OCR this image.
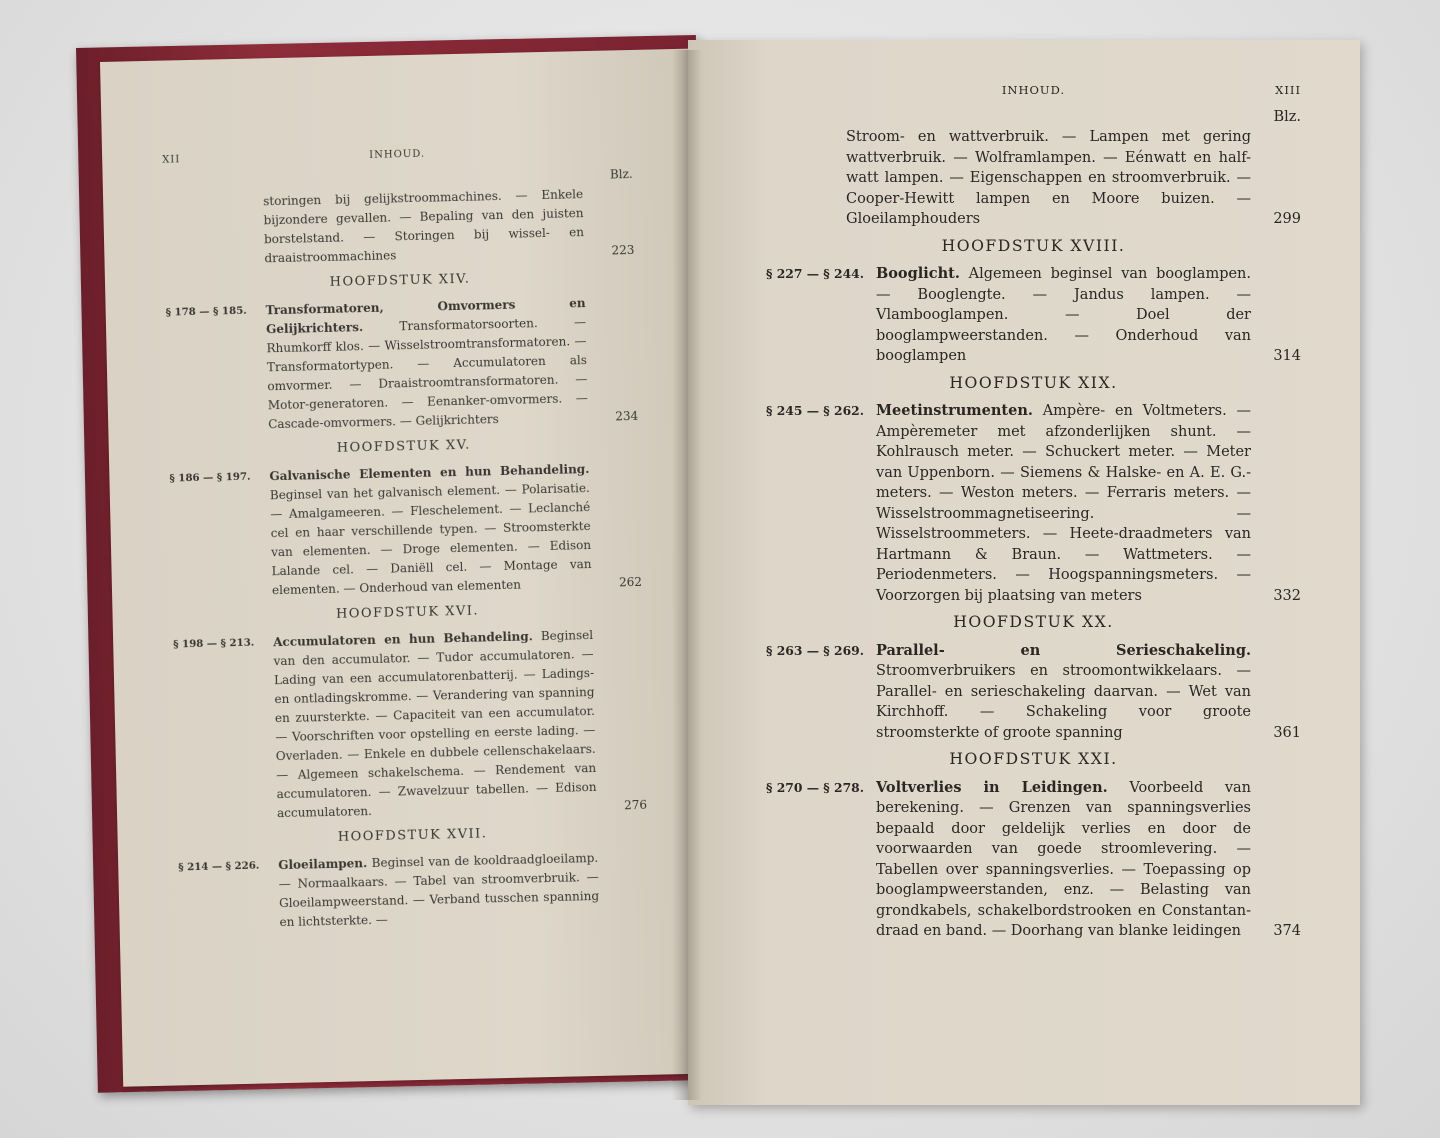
XII	INHOUD.
Blz.
storingen bij gelijkstroommachines. — Enkele bijzondere gevallen. — Bepaling van den juisten borstelstand. — Storingen bij wissel- en draaistroommachines	223
HOOFDSTUK XIV.
§ 178 — § 185.	Transformatoren, Omvormers en Gelijkrichters.	Transformatorsoorten. — Rhumkorff klos. — Wisselstroomtransformatoren. — Transformatortypen. — Accumulatoren als omvormer. — Draaistroomtransformatoren. — Motor-generatoren. — Eenanker-omvormers. — Cascade-omvormers. — Gelijkrichters	234
HOOFDSTUK XV.
§ 186 — § 197.	Galvanische Elementen en hun Behandeling. Beginsel van het galvanisch element. — Polarisatie. — Amalgameeren. — Fleschelement. — Leclanché cel en haar verschillende typen. — Stroomsterkte van elementen. — Droge elementen. — Edison Lalande cel. — Daniëll cel. — Montage van elementen. — Onderhoud van elementen	262
HOOFDSTUK XVI.
§ 198 — § 213.	Accumulatoren en hun Behandeling. Beginsel van den accumulator. — Tudor accumulatoren. — Lading van een accumulatorenbatterij. — Ladings- en ontladingskromme. — Verandering van spanning en zuursterkte. — Capaciteit van een accumulator. — Voorschriften voor opstelling en eerste lading. — Overladen. — Enkele en dubbele cellenschakelaars. — Algemeen schakelschema. — Rendement van accumulatoren. — Zwavelzuur tabellen. — Edison accumulatoren.	276
HOOFDSTUK XVII.
§ 214 — § 226.	Gloeilampen. Beginsel van de kooldraadgloeilamp. — Normaalkaars. — Tabel van stroomverbruik. — Gloeilampweerstand. — Verband tusschen spanning en lichtsterkte. —
INHOUD.	XIII
Blz.
Stroom- en wattverbruik. — Lampen met gering wattverbruik. — Wolframlampen. — Eénwatt en half-watt lampen. — Eigenschappen en stroomverbruik. — Cooper-Hewitt lampen en Moore buizen. — Gloeilamphouders	299
HOOFDSTUK XVIII.
§ 227 — § 244. Booglicht. Algemeen beginsel van booglampen. — Booglengte. — Jandus lampen. — Vlambooglampen. — Doel der booglampweerstanden. — Onderhoud van booglampen	314
HOOFDSTUK XIX.
§ 245 — § 262. Meetinstrumenten. Ampère- en Voltmeters. — Ampèremeter met afzonderlijken shunt. — Kohlrausch meter. — Schuckert meter. — Meter van Uppenborn. — Siemens & Halske- en A. E. G.-meters. — Weston meters. — Ferraris meters. — Wisselstroommagnetiseering. — Wisselstroommeters. — Heete-draadmeters van Hartmann & Braun. — Wattmeters. — Periodenmeters. — Hoogspanningsmeters. — Voorzorgen bij plaatsing van meters	332
HOOFDSTUK XX.
§ 263 — § 269. Parallel- en Serieschakeling. Stroomverbruikers en stroomontwikkelaars. — Parallel- en serieschakeling daarvan. — Wet van Kirchhoff. — Schakeling voor groote stroomsterkte of groote spanning	361
HOOFDSTUK XXI.
§ 270 — § 278. Voltverlies in Leidingen. Voorbeeld van berekening. — Grenzen van spanningsverlies bepaald door geldelijk verlies en door de voorwaarden van goede stroomlevering. — Tabellen over spanningsverlies. — Toepassing op booglampweerstanden, enz. — Belasting van grondkabels, schakelbordstrooken en Constantan- draad en band. — Doorhang van blanke leidingen	374
